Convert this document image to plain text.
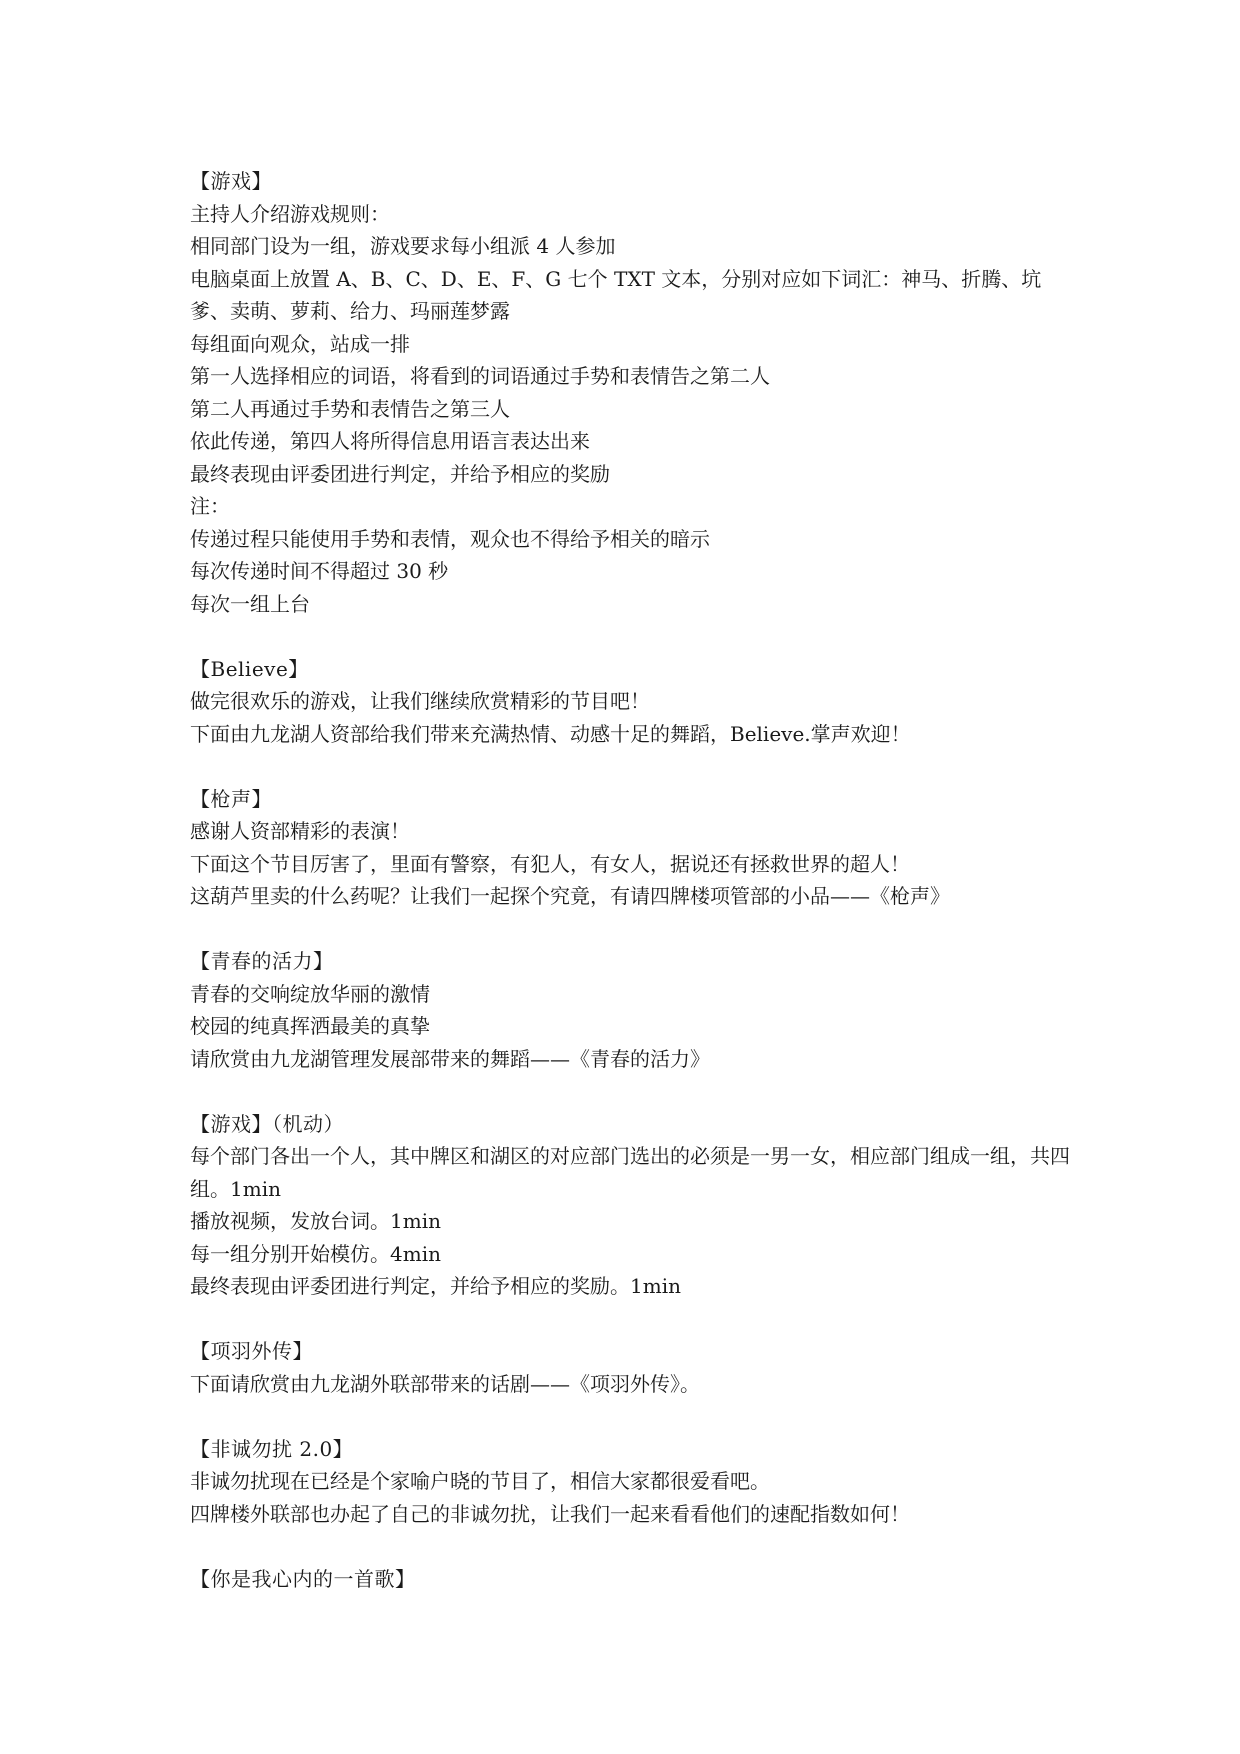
【游戏】
主持人介绍游戏规则：
相同部门设为一组，游戏要求每小组派 4 人参加
电脑桌面上放置 A、B、C、D、E、F、G 七个 TXT 文本，分别对应如下词汇：神马、折腾、坑爹、卖萌、萝莉、给力、玛丽莲梦露
每组面向观众，站成一排
第一人选择相应的词语，将看到的词语通过手势和表情告之第二人
第二人再通过手势和表情告之第三人
依此传递，第四人将所得信息用语言表达出来
最终表现由评委团进行判定，并给予相应的奖励
注：
传递过程只能使用手势和表情，观众也不得给予相关的暗示
每次传递时间不得超过 30 秒
每次一组上台
【Believe】
做完很欢乐的游戏，让我们继续欣赏精彩的节目吧！
下面由九龙湖人资部给我们带来充满热情、动感十足的舞蹈，Believe.掌声欢迎！
【枪声】
感谢人资部精彩的表演！
下面这个节目厉害了，里面有警察，有犯人，有女人，据说还有拯救世界的超人！
这葫芦里卖的什么药呢？让我们一起探个究竟，有请四牌楼项管部的小品——《枪声》
【青春的活力】
青春的交响绽放华丽的激情
校园的纯真挥洒最美的真挚
请欣赏由九龙湖管理发展部带来的舞蹈——《青春的活力》
【游戏】（机动）
每个部门各出一个人，其中牌区和湖区的对应部门选出的必须是一男一女，相应部门组成一组，共四组。1min
播放视频，发放台词。1min
每一组分别开始模仿。4min
最终表现由评委团进行判定，并给予相应的奖励。1min
【项羽外传】
下面请欣赏由九龙湖外联部带来的话剧——《项羽外传》。
【非诚勿扰 2.0】
非诚勿扰现在已经是个家喻户晓的节目了，相信大家都很爱看吧。
四牌楼外联部也办起了自己的非诚勿扰，让我们一起来看看他们的速配指数如何！
【你是我心内的一首歌】
